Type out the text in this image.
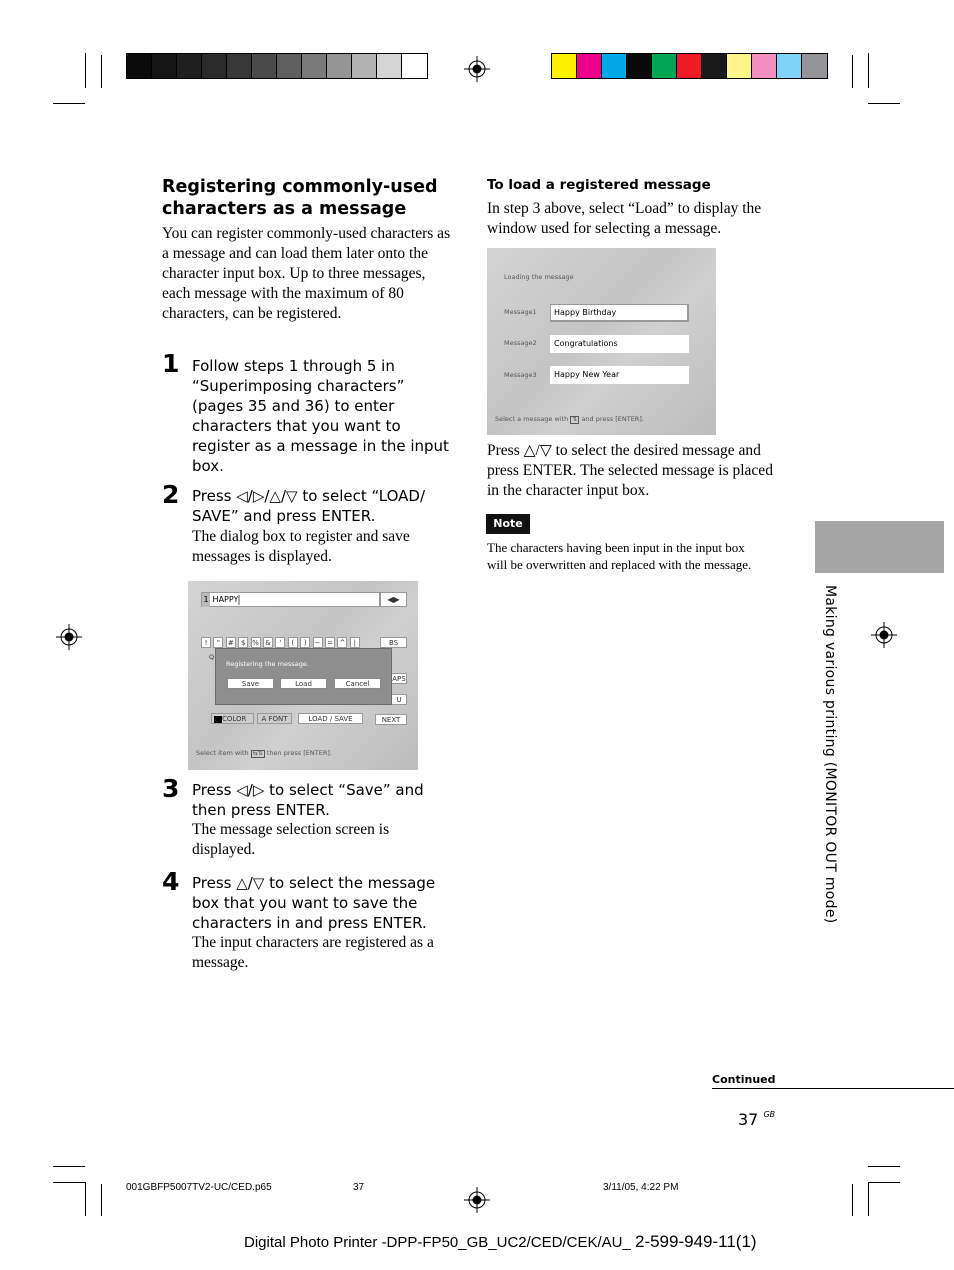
Registering commonly-used characters as a message
You can register commonly-used characters as a message and can load them later onto the character input box. Up to three messages, each message with the maximum of 80 characters, can be registered.
1 Follow steps 1 through 5 in “Superimposing characters” (pages 35 and 36) to enter characters that you want to register as a message in the input box.
2 Press ◁/▷/△/▽ to select “LOAD/ SAVE” and press ENTER.
The dialog box to register and save messages is displayed.
1 HAPPY	◀▶
!	"	#	$ % &	'	(	)	− = ^	|	BS
Q
APS
U
Registering the message.
Save	Load	Cancel
COLOR	A FONT	LOAD / SAVE	NEXT
Select item with ⇆⇅ then press [ENTER].
3 Press ◁/▷ to select “Save” and then press ENTER.
The message selection screen is displayed.
4 Press △/▽ to select the message box that you want to save the characters in and press ENTER.
The input characters are registered as a message.
To load a registered message
In step 3 above, select “Load” to display the window used for selecting a message.
Loading the message
Message1	Happy Birthday
Message2	Congratulations
Message3	Happy New Year
Select a message with ⇅ and press [ENTER].
Press △/▽ to select the desired message and press ENTER. The selected message is placed in the character input box.
Note
The characters having been input in the input box will be overwritten and replaced with the message.
Making various printing (MONITOR OUT mode)
Continued
37 $^{GB}$
001GBFP5007TV2-UC/CED.p65	37	3/11/05, 4:22 PM
Digital Photo Printer -DPP-FP50_GB_UC2/CED/CEK/AU_ 2-599-949-11(1)
